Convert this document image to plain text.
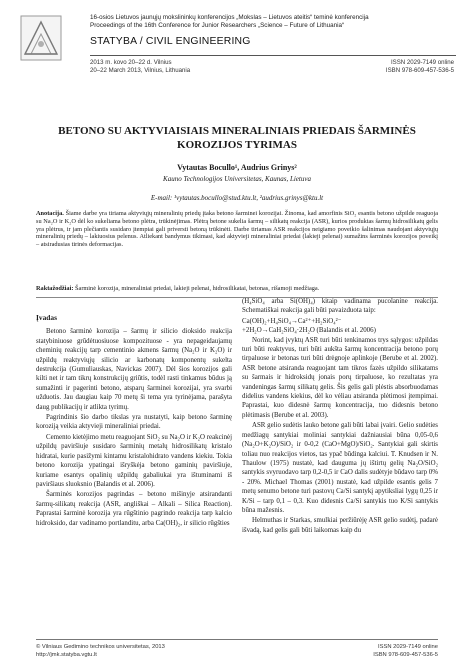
16-osios Lietuvos jaunųjų mokslininkų konferencijos „Mokslas – Lietuvos ateitis“ teminė konferencija
Proceedings of the 16th Conference for Junior Researchers „Science – Future of Lithuania“
STATYBA / CIVIL ENGINEERING
2013 m. kovo 20–22 d. Vilnius
20–22 March 2013, Vilnius, Lithuania
ISSN 2029-7149 online
ISBN 978-609-457-536-5
BETONO SU AKTYVIAISIAIS MINERALINIAIS PRIEDAIS ŠARMINĖS KOROZIJOS TYRIMAS
Vytautas Bocullo¹, Audrius Grinys²
Kauno Technologijos Universitetas, Kaunas, Lietuva
E-mail: ¹vytautas.bocullo@stud.ktu.lt, ²audrius.grinys@ktu.lt
Anotacija. Šiame darbe yra tiriama aktyviųjų mineralinių priedų įtaka betono šarminei korozijai. Žinoma, kad amorfinis SiO₂ esantis betono užpilde reaguoja su Na₂O ir K₂O dėl ko sukeliama betono plėtra, trūkinėjimas. Plėtrą betone sukelia šarmų – silikatų reakcija (ASR), kurios produktas šarmų hidrosilikatų gelis yra plėtrus, ir jam plečiantis susidaro įtempiai gali priversti betoną trūkinėti. Darbe tiriamas ASR reakcijos neigiamo poveikio šalinimas naudojant aktyviųjų mineralinių priedų – lakiuosius pelenus. Atliekant bandymus tikimasi, kad aktyvieji mineraliniai priedai (lakieji pelenai) sumažins šarminės korozijos poveikį – atsiradusias tirinės deformacijas.
Raktažodžiai: Šarminė korozija, mineraliniai priedai, lakieji pelenai, hidrosilikatai, betonas, rišamoji medžiaga.
Įvadas

Betono šarminė korozija – šarmų ir silicio dioksido reakcija statybiniuose grūdėtuosiuose kompozituose - yra nepageidaujamų cheminių reakcijų tarp cementinio akmens šarmų (Na₂O ir K₂O) ir užpildų reaktyviųjų silicio ar karbonatų komponentų sukelta destrukcija (Gumuliauskas, Navickas 2007). Dėl šios korozijos gali kilti net ir tam tikrų konstrukcijų griūtis, todėl rasti tinkamus būdus ją sumažinti ir pagerinti betono, atsparų šarminei korozijai, yra svarbi užduotis. Jau daugiau kaip 70 metų ši tema yra tyrinėjama, parašyta daug publikacijų ir atlikta tyrimų.

Pagrindinis šio darbo tikslas yra nustatyti, kaip betono šarminę koroziją veikia aktyvieji mineraliniai priedai.

Cemento kietėjimo metu reaguojant SiO₂ su Na₂O ir K₂O reakcinėj užpildų paviršiuje susidaro šarminių metalų hidrosilikatų kristalo hidratai, kurie pasižymi kintamu kristalohidrato vandens kiekiu. Tokia betono korozija ypatingai išryškėja betono gaminių paviršiuje, kuriame esantys opalinių užpildų gabaliukai yra ištuminami iš paviršiaus sluoksnio (Balandis et al. 2006).

Šarminės korozijos pagrindas – betono mišinyje atsirandanti šarmų-silikatų reakcija (ASR, angliškai – Alkali – Silica Reaction). Paprastai šarminė korozija yra rūgštinio pagrindo reakcija tarp kalcio hidroksido, dar vadinamo portlanditu, arba Ca(OH)₂, ir silicio rūgšties

(H₄SiO₄ arba Si(OH)₄) kitaip vadinama pucolanine reakcija. Schematiškai reakcija gali būti pavaizduota taip:

Ca(OH)₂+H₄SiO₄→Ca²⁺+H₂SiO₄²⁻
+2H₂O→CaH₂SiO₄·2H₂O (Balandis et al. 2006)

Norint, kad įvyktų ASR turi būti tenkinamos trys sąlygos: užpildas turi būti reaktyvus, turi būti aukšta šarmų koncentracija betono porų tirpaluose ir betonas turi būti drėgnoje aplinkoje (Berube et al. 2002). ASR betone atsiranda reaguojant tam tikros fazės užpildo silikatams su šarmais ir hidroksidų jonais porų tirpaluose, ko rezultatas yra vandeningas šarmų silikatų gelis. Šis gelis gali plėstis absorbuodamas didelius vandens kiekius, dėl ko vėliau atsiranda plėtimosi įtempimai. Paprastai, kuo didesnė šarmų koncentracija, tuo didesnis betono plėtimasis (Berube et al. 2003).

ASR gelio sudėtis lauko betone gali būti labai įvairi. Gelio sudėties medžiagų santykiai moliniai santykiai dažniausiai būna 0,05-0,6 (Na₂O+K₂O)/SiO₂ ir 0-0,2 (CaO+MgO)/SiO₂. Santykiai gali skirtis toliau nuo reakcijos vietos, tas ypač būdinga kalciui. T. Knudsen ir N. Thaulow (1975) nustatė, kad dauguma jų ištirtų gelių Na₂O/SiO₂ santykis svyruodavo tarp 0,2-0,5 ir CaO dalis sudėtyje būdavo tarp 0% - 20%. Michael Thomas (2001) nustatė, kad užpilde esantis gelis 7 metų senumo betone turi pastovų Ca/Si santykį apytiksliai lygų 0,25 ir K/Si – tarp 0,1 – 0,3. Kuo didesnis Ca/Si santykis tuo K/Si santykis būna mažesnis.

Helmuthas ir Starkas, smulkiai peržiūrėję ASR gelio sudėtį, padarė išvadą, kad gelis gali būti laikomas kaip du

© Vilniaus Gedimino technikos universitetas, 2013
http://jmk.statyba.vgtu.lt
ISSN 2029-7149 online
ISBN 978-609-457-536-5
